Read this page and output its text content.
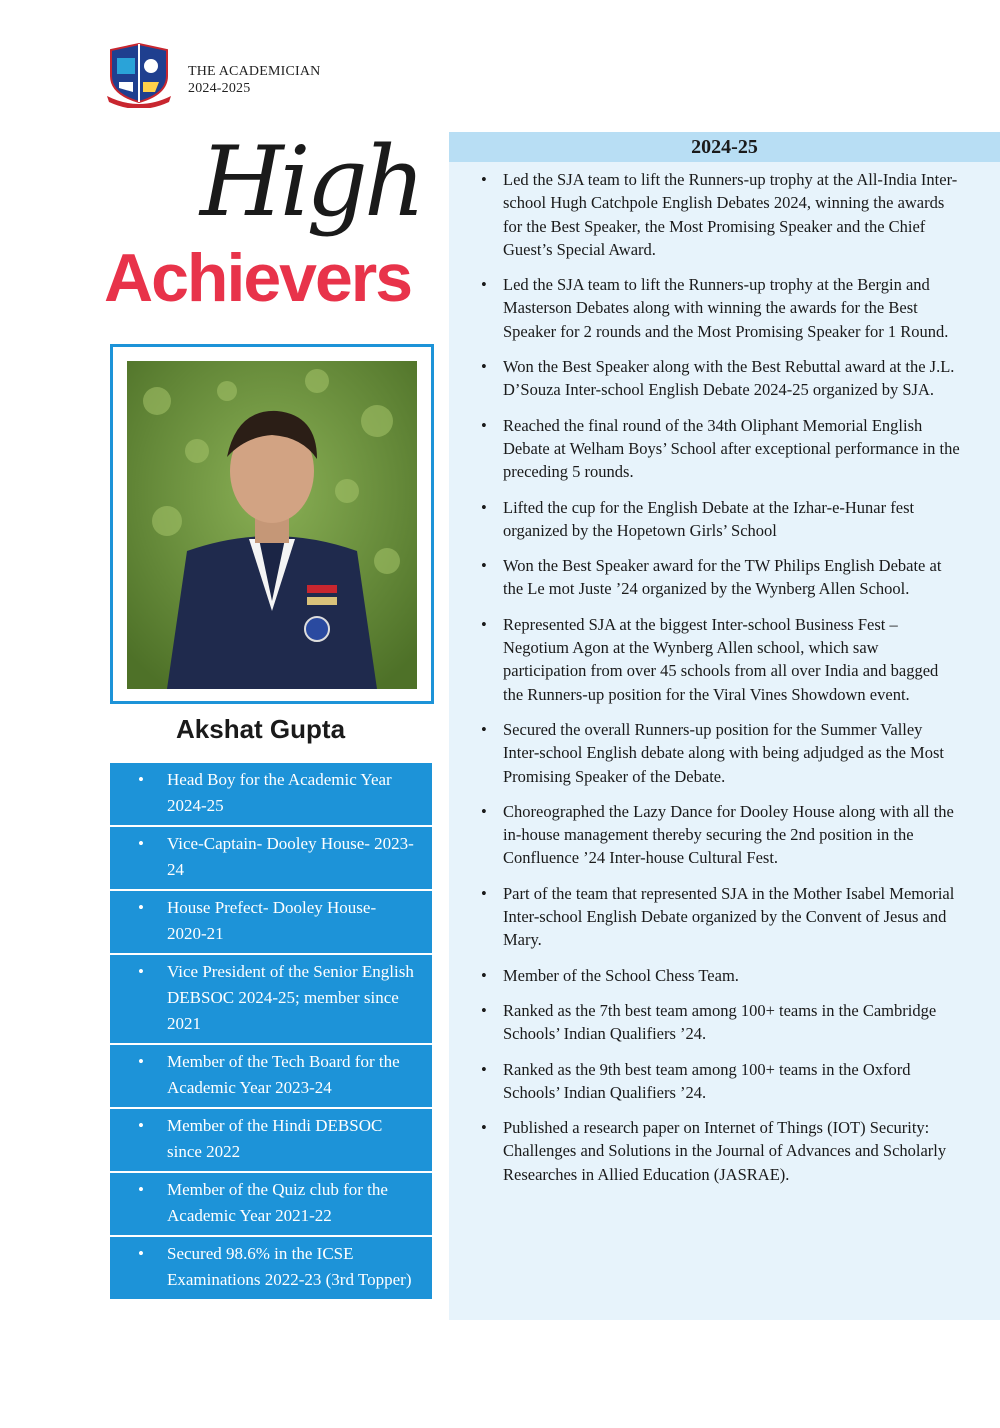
THE ACADEMICIAN
2024-2025
High
Achievers
Akshat Gupta
• Head Boy for the Academic Year 2024-25
• Vice-Captain- Dooley House- 2023-24
• House Prefect- Dooley House- 2020-21
• Vice President of the Senior English DEBSOC 2024-25; member since 2021
• Member of the Tech Board for the Academic Year 2023-24
• Member of the Hindi DEBSOC since 2022
• Member of the Quiz club for the Academic Year 2021-22
• Secured 98.6% in the ICSE Examinations 2022-23 (3rd Topper)
2024-25
• Led the SJA team to lift the Runners-up trophy at the All-India Inter-school Hugh Catchpole English Debates 2024, winning the awards for the Best Speaker, the Most Promising Speaker and the Chief Guest’s Special Award.
• Led the SJA team to lift the Runners-up trophy at the Bergin and Masterson Debates along with winning the awards for the Best Speaker for 2 rounds and the Most Promising Speaker for 1 Round.
• Won the Best Speaker along with the Best Rebuttal award at the J.L. D’Souza Inter-school English Debate 2024-25 organized by SJA.
• Reached the final round of the 34th Oliphant Memorial English Debate at Welham Boys’ School after exceptional performance in the preceding 5 rounds.
• Lifted the cup for the English Debate at the Izhar-e-Hunar fest organized by the Hopetown Girls’ School
• Won the Best Speaker award for the TW Philips English Debate at the Le mot Juste ’24 organized by the Wynberg Allen School.
• Represented SJA at the biggest Inter-school Business Fest – Negotium Agon at the Wynberg Allen school, which saw participation from over 45 schools from all over India and bagged the Runners-up position for the Viral Vines Showdown event.
• Secured the overall Runners-up position for the Summer Valley Inter-school English debate along with being adjudged as the Most Promising Speaker of the Debate.
• Choreographed the Lazy Dance for Dooley House along with all the in-house management thereby securing the 2nd position in the Confluence ’24 Inter-house Cultural Fest.
• Part of the team that represented SJA in the Mother Isabel Memorial Inter-school English Debate organized by the Convent of Jesus and Mary.
• Member of the School Chess Team.
• Ranked as the 7th best team among 100+ teams in the Cambridge Schools’ Indian Qualifiers ’24.
• Ranked as the 9th best team among 100+ teams in the Oxford Schools’ Indian Qualifiers ’24.
• Published a research paper on Internet of Things (IOT) Security: Challenges and Solutions in the Journal of Advances and Scholarly Researches in Allied Education (JASRAE).
